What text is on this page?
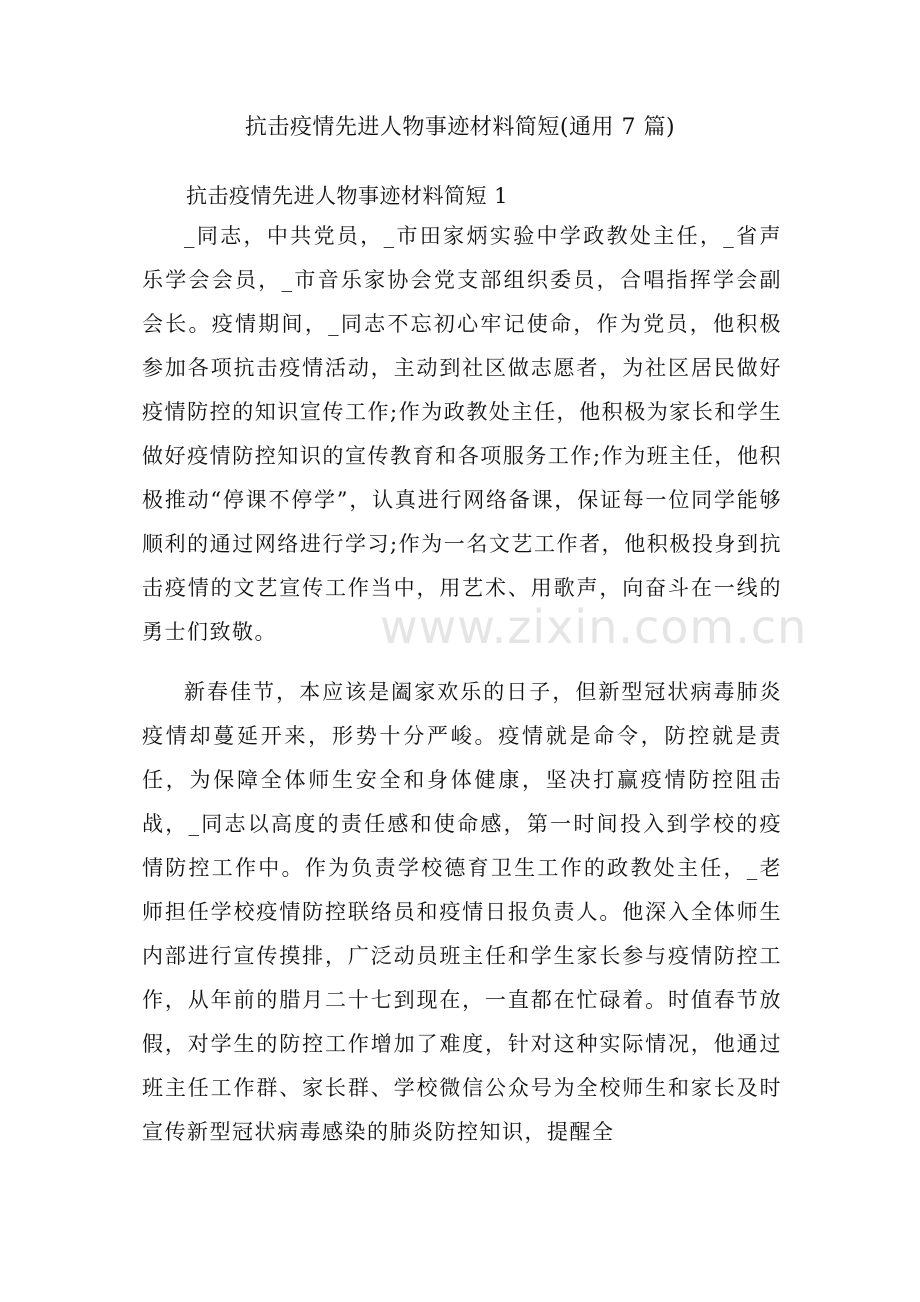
抗击疫情先进人物事迹材料简短(通用 7 篇)
抗击疫情先进人物事迹材料简短 1

_同志，中共党员，_市田家炳实验中学政教处主任，_省声乐学会会员，_市音乐家协会党支部组织委员，合唱指挥学会副会长。疫情期间，_同志不忘初心牢记使命，作为党员，他积极参加各项抗击疫情活动，主动到社区做志愿者，为社区居民做好疫情防控的知识宣传工作;作为政教处主任，他积极为家长和学生做好疫情防控知识的宣传教育和各项服务工作;作为班主任，他积极推动“停课不停学”，认真进行网络备课，保证每一位同学能够顺利的通过网络进行学习;作为一名文艺工作者，他积极投身到抗击疫情的文艺宣传工作当中，用艺术、用歌声，向奋斗在一线的勇士们致敬。

新春佳节，本应该是阖家欢乐的日子，但新型冠状病毒肺炎疫情却蔓延开来，形势十分严峻。疫情就是命令，防控就是责任，为保障全体师生安全和身体健康，坚决打赢疫情防控阻击战，_同志以高度的责任感和使命感，第一时间投入到学校的疫情防控工作中。作为负责学校德育卫生工作的政教处主任，_老师担任学校疫情防控联络员和疫情日报负责人。他深入全体师生内部进行宣传摸排，广泛动员班主任和学生家长参与疫情防控工作，从年前的腊月二十七到现在，一直都在忙碌着。时值春节放假，对学生的防控工作增加了难度，针对这种实际情况，他通过班主任工作群、家长群、学校微信公众号为全校师生和家长及时宣传新型冠状病毒感染的肺炎防控知识，提醒全

www.zixin.com.cn
